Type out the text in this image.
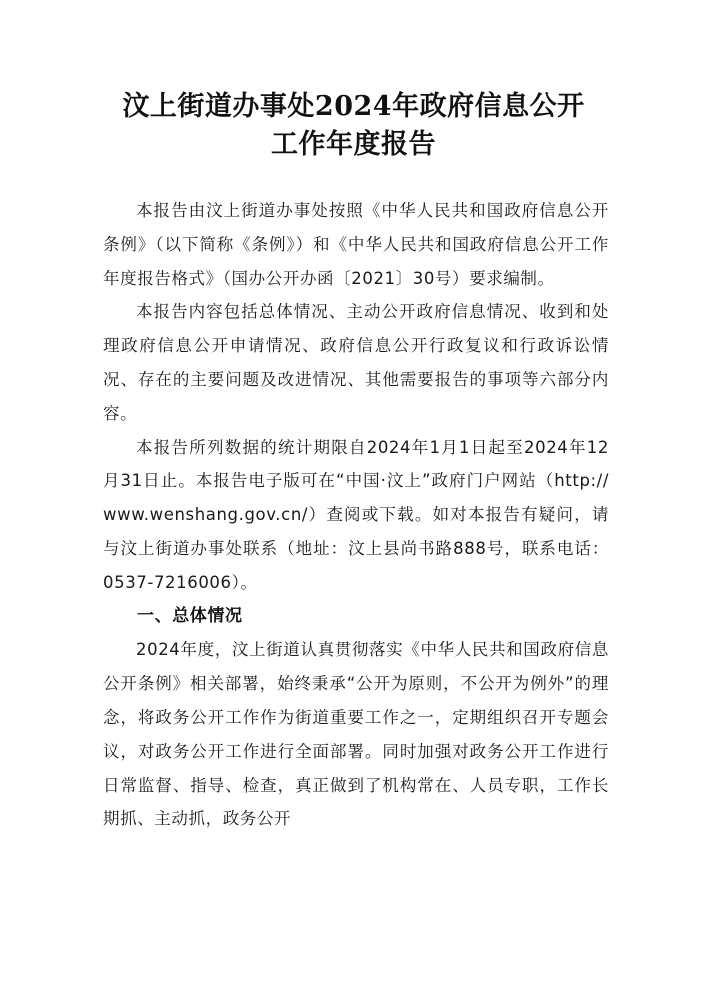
汶上街道办事处2024年政府信息公开
工作年度报告

本报告由汶上街道办事处按照《中华人民共和国政府信息公开条例》（以下简称《条例》）和《中华人民共和国政府信息公开工作年度报告格式》（国办公开办函〔2021〕30号）要求编制。

本报告内容包括总体情况、主动公开政府信息情况、收到和处理政府信息公开申请情况、政府信息公开行政复议和行政诉讼情况、存在的主要问题及改进情况、其他需要报告的事项等六部分内容。

本报告所列数据的统计期限自2024年1月1日起至2024年12月31日止。本报告电子版可在“中国·汶上”政府门户网站（http://www.wenshang.gov.cn/）查阅或下载。如对本报告有疑问，请与汶上街道办事处联系（地址：汶上县尚书路888号，联系电话：0537-7216006）。

一、总体情况

2024年度，汶上街道认真贯彻落实《中华人民共和国政府信息公开条例》相关部署，始终秉承“公开为原则，不公开为例外”的理念，将政务公开工作作为街道重要工作之一，定期组织召开专题会议，对政务公开工作进行全面部署。同时加强对政务公开工作进行日常监督、指导、检查，真正做到了机构常在、人员专职，工作长期抓、主动抓，政务公开
